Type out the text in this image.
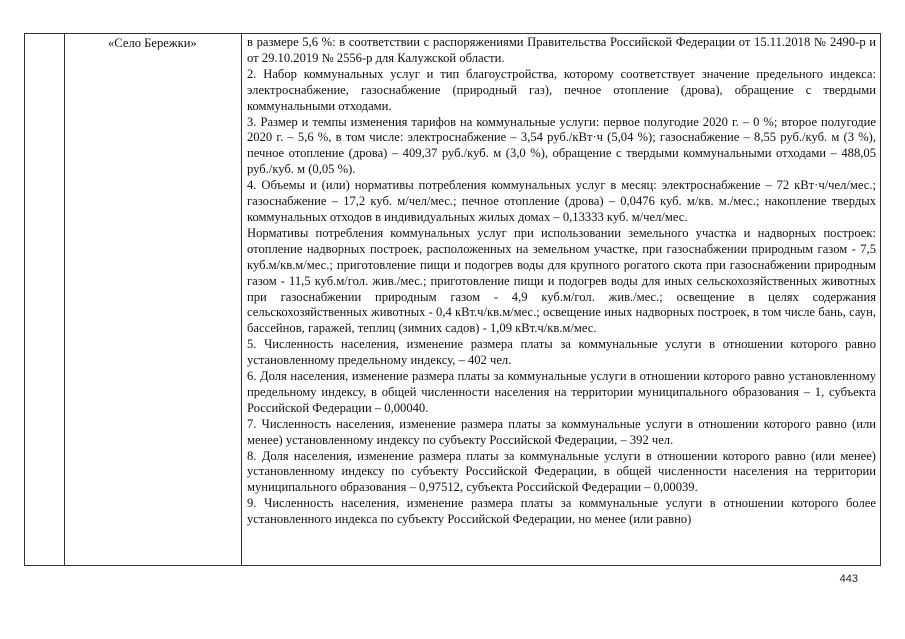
«Село Бережки»	в размере 5,6 %: в соответствии с распоряжениями Правительства Российской Федерации от 15.11.2018 № 2490-р и от 29.10.2019 № 2556-р для Калужской области.

2. Набор коммунальных услуг и тип благоустройства, которому соответствует значение предельного индекса: электроснабжение, газоснабжение (природный газ), печное отопление (дрова), обращение с твердыми коммунальными отходами.

3. Размер и темпы изменения тарифов на коммунальные услуги: первое полугодие 2020 г. – 0 %; второе полугодие 2020 г. – 5,6 %, в том числе: электроснабжение – 3,54 руб./кВт·ч (5,04 %); газоснабжение – 8,55 руб./куб. м (3 %), печное отопление (дрова) – 409,37 руб./куб. м (3,0 %), обращение с твердыми коммунальными отходами – 488,05 руб./куб. м (0,05 %).

4. Объемы и (или) нормативы потребления коммунальных услуг в месяц: электроснабжение – 72 кВт·ч/чел/мес.; газоснабжение – 17,2 куб. м/чел/мес.; печное отопление (дрова) – 0,0476 куб. м/кв. м./мес.; накопление твердых коммунальных отходов в индивидуальных жилых домах – 0,13333 куб. м/чел/мес.

Нормативы потребления коммунальных услуг при использовании земельного участка и надворных построек: отопление надворных построек, расположенных на земельном участке, при газоснабжении природным газом - 7,5 куб.м/кв.м/мес.; приготовление пищи и подогрев воды для крупного рогатого скота при газоснабжении природным газом - 11,5 куб.м/гол. жив./мес.; приготовление пищи и подогрев воды для иных сельскохозяйственных животных при газоснабжении природным газом - 4,9 куб.м/гол. жив./мес.; освещение в целях содержания сельскохозяйственных животных - 0,4 кВт.ч/кв.м/мес.; освещение иных надворных построек, в том числе бань, саун, бассейнов, гаражей, теплиц (зимних садов) - 1,09 кВт.ч/кв.м/мес.

5. Численность населения, изменение размера платы за коммунальные услуги в отношении которого равно установленному предельному индексу, – 402 чел.

6. Доля населения, изменение размера платы за коммунальные услуги в отношении которого равно установленному предельному индексу, в общей численности населения на территории муниципального образования – 1, субъекта Российской Федерации – 0,00040.

7. Численность населения, изменение размера платы за коммунальные услуги в отношении которого равно (или менее) установленному индексу по субъекту Российской Федерации, – 392 чел.

8. Доля населения, изменение размера платы за коммунальные услуги в отношении которого равно (или менее) установленному индексу по субъекту Российской Федерации, в общей численности населения на территории муниципального образования – 0,97512, субъекта Российской Федерации – 0,00039.

9. Численность населения, изменение размера платы за коммунальные услуги в отношении которого более установленного индекса по субъекту Российской Федерации, но менее (или равно)

443
